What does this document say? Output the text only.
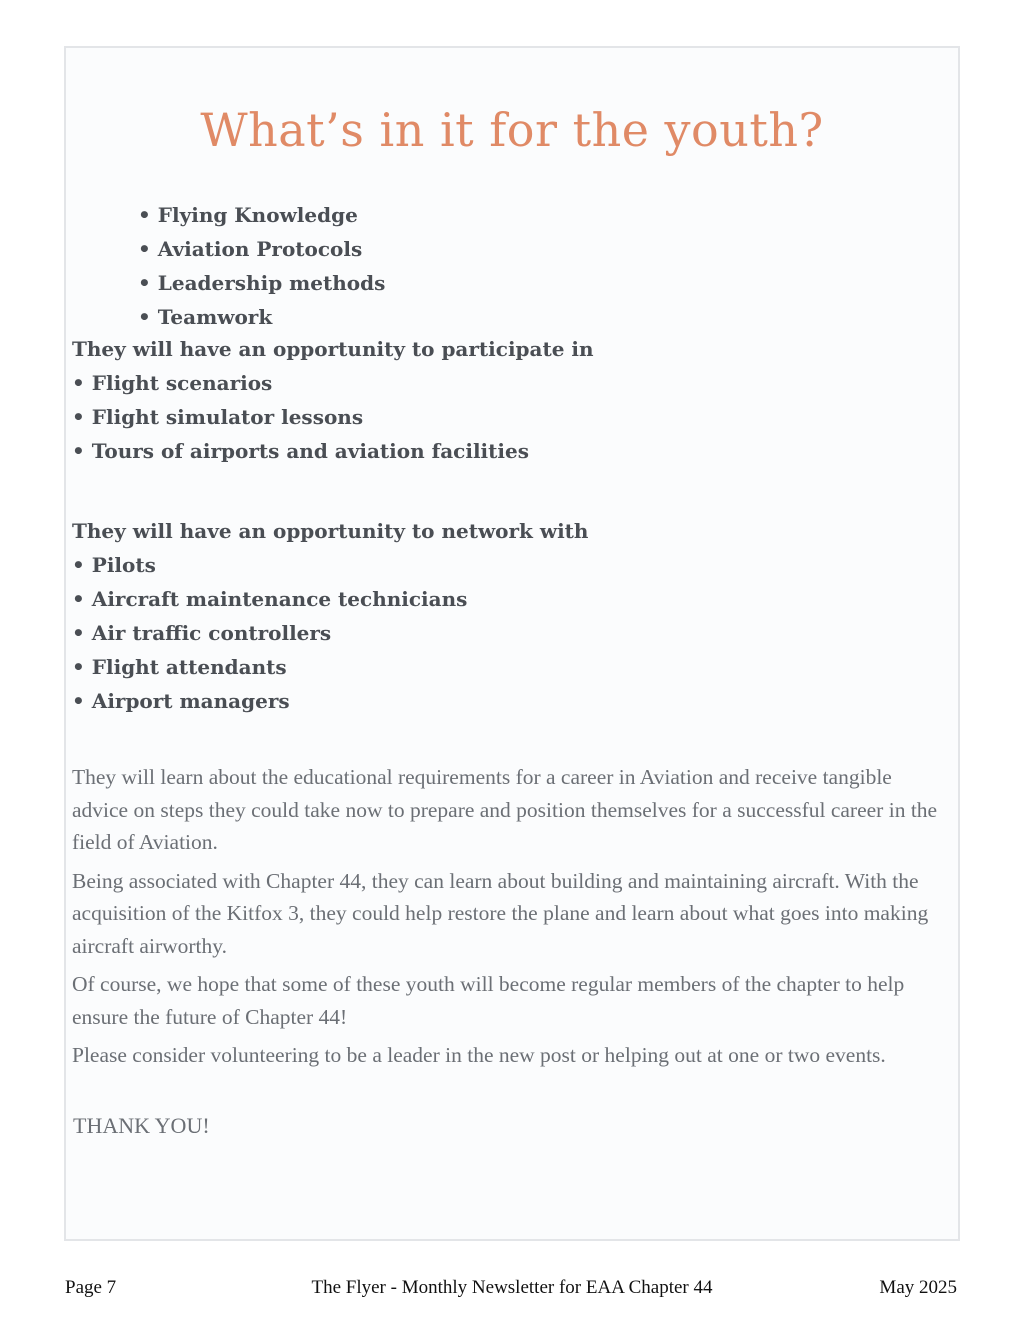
What’s in it for the youth?
• Flying Knowledge
• Aviation Protocols
• Leadership methods
• Teamwork
They will have an opportunity to participate in
• Flight scenarios
• Flight simulator lessons
• Tours of airports and aviation facilities
They will have an opportunity to network with
• Pilots
• Aircraft maintenance technicians
• Air traffic controllers
• Flight attendants
• Airport managers

They will learn about the educational requirements for a career in Aviation and receive tangible advice on steps they could take now to prepare and position themselves for a successful career in the field of Aviation.

Being associated with Chapter 44, they can learn about building and maintaining aircraft. With the acquisition of the Kitfox 3, they could help restore the plane and learn about what goes into making aircraft airworthy.

Of course, we hope that some of these youth will become regular members of the chapter to help ensure the future of Chapter 44!

Please consider volunteering to be a leader in the new post or helping out at one or two events.

THANK YOU!

Page 7	The Flyer - Monthly Newsletter for EAA Chapter 44	May 2025
